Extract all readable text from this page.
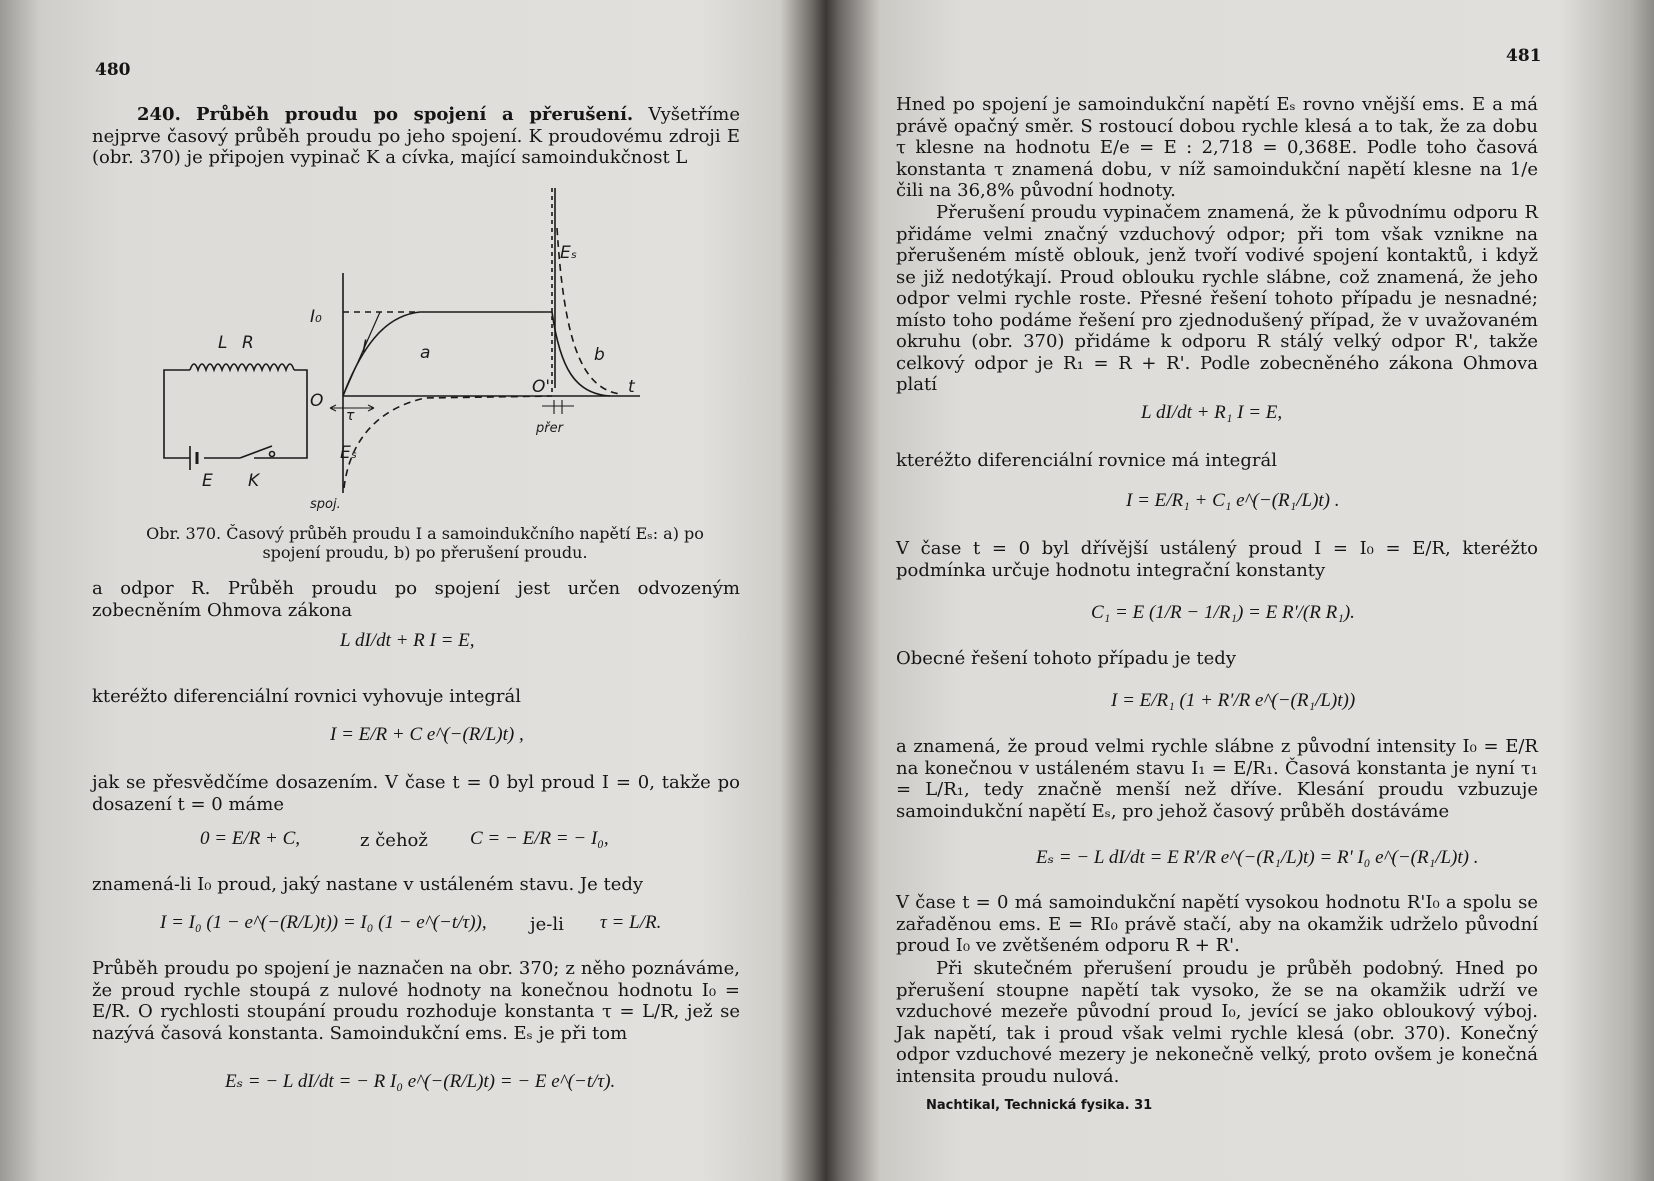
480

240. Průběh proudu po spojení a přerušení. Vyšetříme nejprve časový průběh proudu po jeho spojení. K proudovému zdroji E (obr. 370) je připojen vypinač K a cívka, mající samoindukčnost L

L R
E K
I₀
O
τ
I	a	b
Eₛ
Eₛ
O'	t
spoj.
přer
Obr. 370. Časový průběh proudu I a samoindukčního napětí Eₛ: a) po spojení proudu, b) po přerušení proudu.

a odpor R. Průběh proudu po spojení jest určen odvozeným zobecněním Ohmova zákona

L dI/dt + R I = E,

kteréžto diferenciální rovnici vyhovuje integrál

I = E/R + C e^(−(R/L)t) ,

jak se přesvědčíme dosazením. V čase t = 0 byl proud I = 0, takže po dosazení t = 0 máme

0 = E/R + C,	z čehož C = − E/R = − I₀,

znamená-li I₀ proud, jaký nastane v ustáleném stavu. Je tedy

I = I₀ (1 − e^(−(R/L)t)) = I₀ (1 − e^(−t/τ)), je-li τ = L/R.

Průběh proudu po spojení je naznačen na obr. 370; z něho poznáváme, že proud rychle stoupá z nulové hodnoty na konečnou hodnotu I₀ = E/R. O rychlosti stoupání proudu rozhoduje konstanta τ = L/R, jež se nazývá časová konstanta. Samoindukční ems. Eₛ je při tom

Eₛ = − L dI/dt = − R I₀ e^(−(R/L)t) = − E e^(−t/τ).
481

Hned po spojení je samoindukční napětí Eₛ rovno vnější ems. E a má právě opačný směr. S rostoucí dobou rychle klesá a to tak, že za dobu τ klesne na hodnotu E/e = E : 2,718 = 0,368E. Podle toho časová konstanta τ znamená dobu, v níž samoindukční napětí klesne na 1/e čili na 36,8% původní hodnoty.

Přerušení proudu vypinačem znamená, že k původnímu odporu R přidáme velmi značný vzduchový odpor; při tom však vznikne na přerušeném místě oblouk, jenž tvoří vodivé spojení kontaktů, i když se již nedotýkají. Proud oblouku rychle slábne, což znamená, že jeho odpor velmi rychle roste. Přesné řešení tohoto případu je nesnadné; místo toho podáme řešení pro zjednodušený případ, že v uvažovaném okruhu (obr. 370) přidáme k odporu R stálý velký odpor R', takže celkový odpor je R₁ = R + R'. Podle zobecněného zákona Ohmova platí

L dI/dt + R₁ I = E,

kteréžto diferenciální rovnice má integrál

I = E/R₁ + C₁ e^(−(R₁/L)t) .

V čase t = 0 byl dřívější ustálený proud I = I₀ = E/R, kteréžto podmínka určuje hodnotu integrační konstanty

C₁ = E (1/R − 1/R₁) = E R'/(R R₁).

Obecné řešení tohoto případu je tedy

I = E/R₁ (1 + R'/R e^(−(R₁/L)t))

a znamená, že proud velmi rychle slábne z původní intensity I₀ = E/R na konečnou v ustáleném stavu I₁ = E/R₁. Časová konstanta je nyní τ₁ = L/R₁, tedy značně menší než dříve. Klesání proudu vzbuzuje samoindukční napětí Eₛ, pro jehož časový průběh dostáváme

Eₛ = − L dI/dt = E R'/R e^(−(R₁/L)t) = R' I₀ e^(−(R₁/L)t) .

V čase t = 0 má samoindukční napětí vysokou hodnotu R'I₀ a spolu se zařaděnou ems. E = RI₀ právě stačí, aby na okamžik udrželo původní proud I₀ ve zvětšeném odporu R + R'.

Při skutečném přerušení proudu je průběh podobný. Hned po přerušení stoupne napětí tak vysoko, že se na okamžik udrží ve vzduchové mezeře původní proud I₀, jevící se jako obloukový výboj. Jak napětí, tak i proud však velmi rychle klesá (obr. 370). Konečný odpor vzduchové mezery je nekonečně velký, proto ovšem je konečná intensita proudu nulová.

Nachtikal, Technická fysika. 31
